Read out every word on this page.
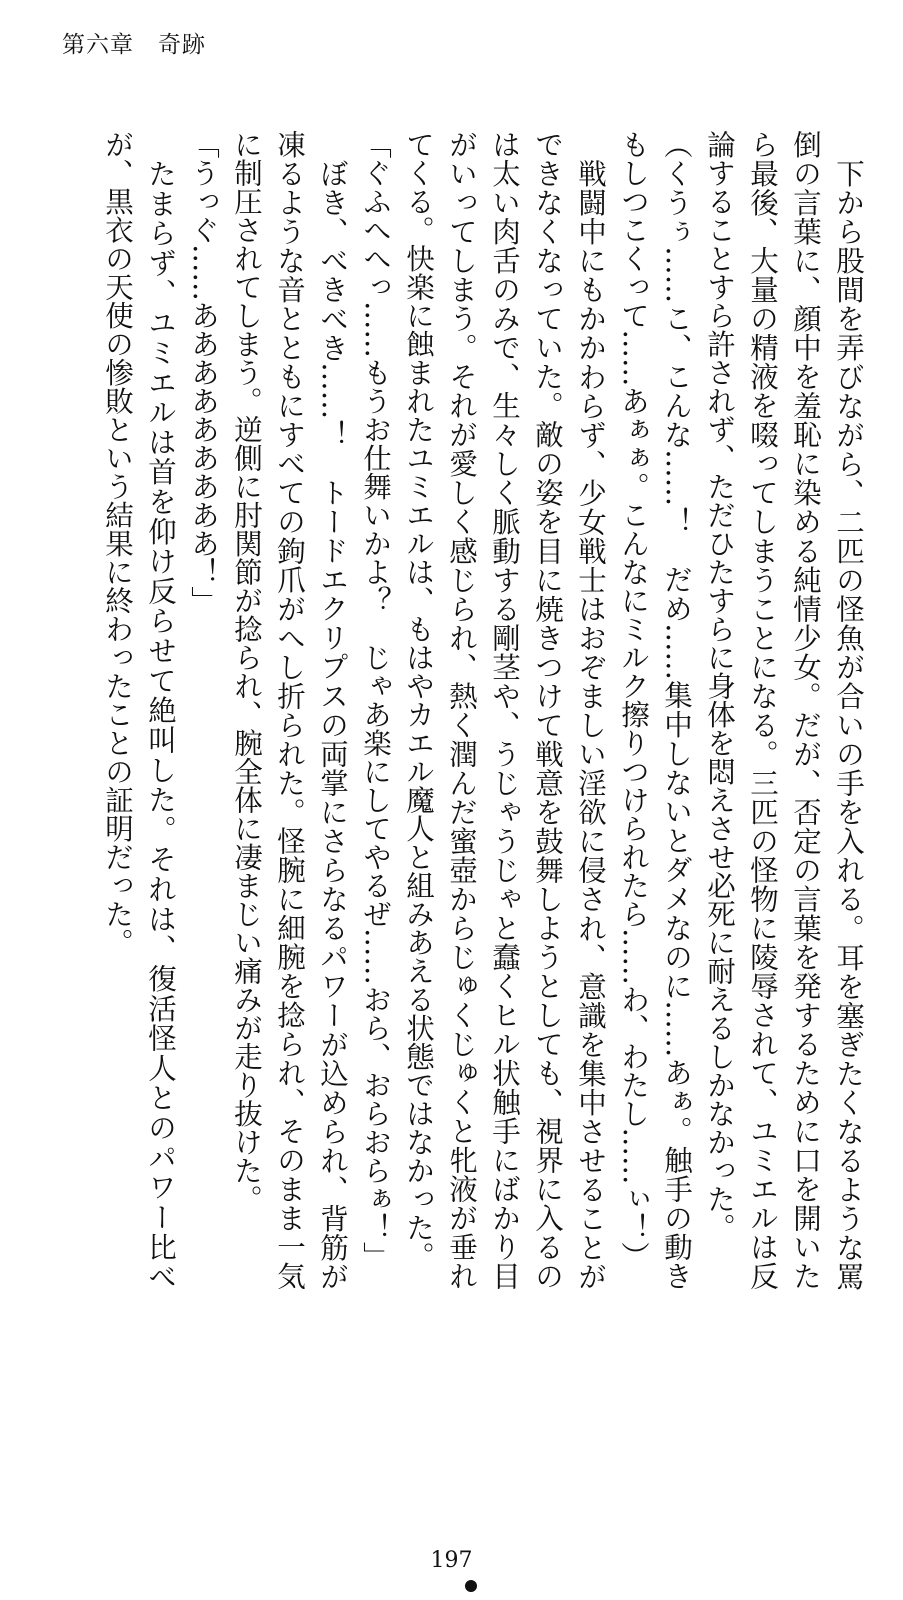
第六章　奇跡

下から股間を弄びながら、二匹の怪魚が合いの手を入れる。耳を塞ぎたくなるような罵倒の言葉に、顔中を羞恥に染める純情少女。だが、否定の言葉を発するために口を開いたら最後、大量の精液を啜ってしまうことになる。三匹の怪物に陵辱されて、ユミエルは反論することすら許されず、ただひたすらに身体を悶えさせ必死に耐えるしかなかった。

（くうぅ……こ、こんな……！　だめ……集中しないとダメなのに……あぁ。触手の動きもしつこくって……あぁぁ。こんなにミルク擦りつけられたら……わ、わたし……ぃ！）

戦闘中にもかかわらず、少女戦士はおぞましい淫欲に侵され、意識を集中させることができなくなっていた。敵の姿を目に焼きつけて戦意を鼓舞しようとしても、視界に入るのは太い肉舌のみで、生々しく脈動する剛茎や、うじゃうじゃと蠢くヒル状触手にばかり目がいってしまう。それが愛しく感じられ、熱く潤んだ蜜壺からじゅくじゅくと牝液が垂れてくる。快楽に蝕まれたユミエルは、もはやカエル魔人と組みあえる状態ではなかった。

「ぐふへへっ……もうお仕舞いかよ？　じゃあ楽にしてやるぜ……おら、おらおらぁ！」

ぼき、べきべき……！　トードエクリプスの両掌にさらなるパワーが込められ、背筋が凍るような音とともにすべての鉤爪がへし折られた。怪腕に細腕を捻られ、そのまま一気に制圧されてしまう。逆側に肘関節が捻られ、腕全体に凄まじい痛みが走り抜けた。

「うっぐ……あああああああああ！」

たまらず、ユミエルは首を仰け反らせて絶叫した。それは、復活怪人とのパワー比べが、黒衣の天使の惨敗という結果に終わったことの証明だった。

197
